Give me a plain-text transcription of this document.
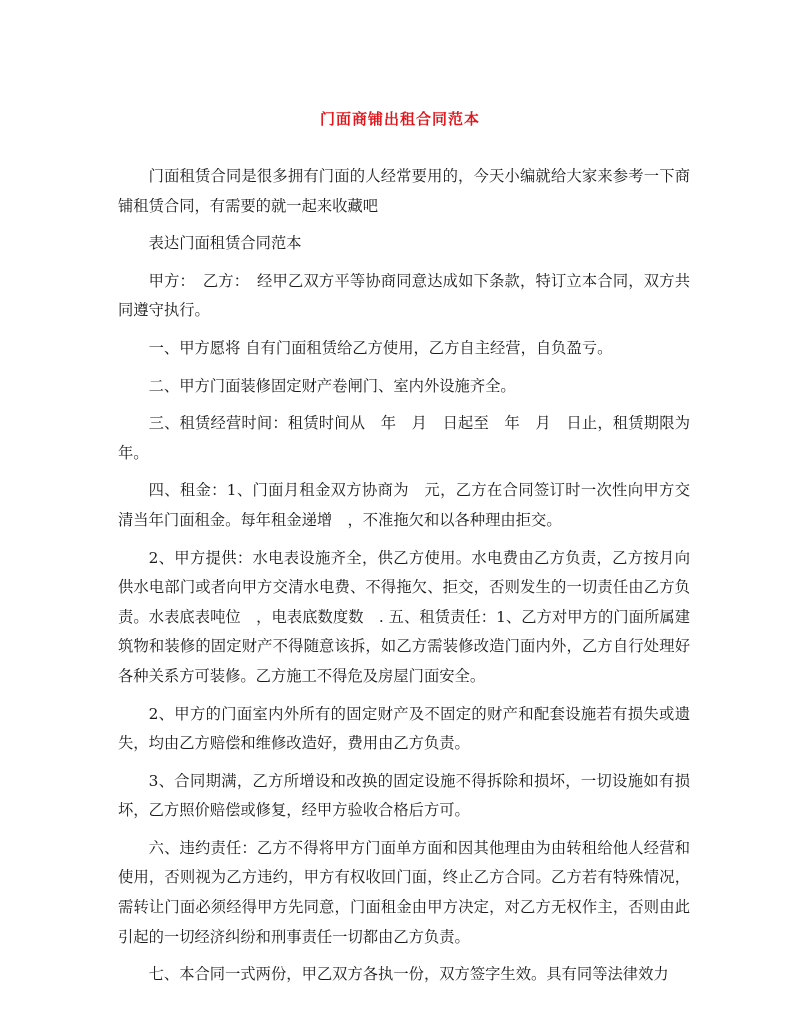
门面商铺出租合同范本

门面租赁合同是很多拥有门面的人经常要用的，今天小编就给大家来参考一下商铺租赁合同，有需要的就一起来收藏吧

表达门面租赁合同范本

甲方：　乙方：　经甲乙双方平等协商同意达成如下条款，特订立本合同，双方共同遵守执行。

一、甲方愿将 自有门面租赁给乙方使用，乙方自主经营，自负盈亏。

二、甲方门面装修固定财产卷闸门、室内外设施齐全。

三、租赁经营时间：租赁时间从　年　月　日起至　年　月　日止，租赁期限为　年。

四、租金：1、门面月租金双方协商为　元，乙方在合同签订时一次性向甲方交清当年门面租金。每年租金递增　，不准拖欠和以各种理由拒交。

2、甲方提供：水电表设施齐全，供乙方使用。水电费由乙方负责，乙方按月向供水电部门或者向甲方交清水电费、不得拖欠、拒交，否则发生的一切责任由乙方负责。水表底表吨位　，电表底数度数　. 五、租赁责任：1、乙方对甲方的门面所属建筑物和装修的固定财产不得随意该拆，如乙方需装修改造门面内外，乙方自行处理好各种关系方可装修。乙方施工不得危及房屋门面安全。

2、甲方的门面室内外所有的固定财产及不固定的财产和配套设施若有损失或遗失，均由乙方赔偿和维修改造好，费用由乙方负责。

3、合同期满，乙方所增设和改换的固定设施不得拆除和损坏，一切设施如有损坏，乙方照价赔偿或修复，经甲方验收合格后方可。

六、违约责任：乙方不得将甲方门面单方面和因其他理由为由转租给他人经营和使用，否则视为乙方违约，甲方有权收回门面，终止乙方合同。乙方若有特殊情况，需转让门面必须经得甲方先同意，门面租金由甲方决定，对乙方无权作主，否则由此引起的一切经济纠纷和刑事责任一切都由乙方负责。

七、本合同一式两份，甲乙双方各执一份，双方签字生效。具有同等法律效力
